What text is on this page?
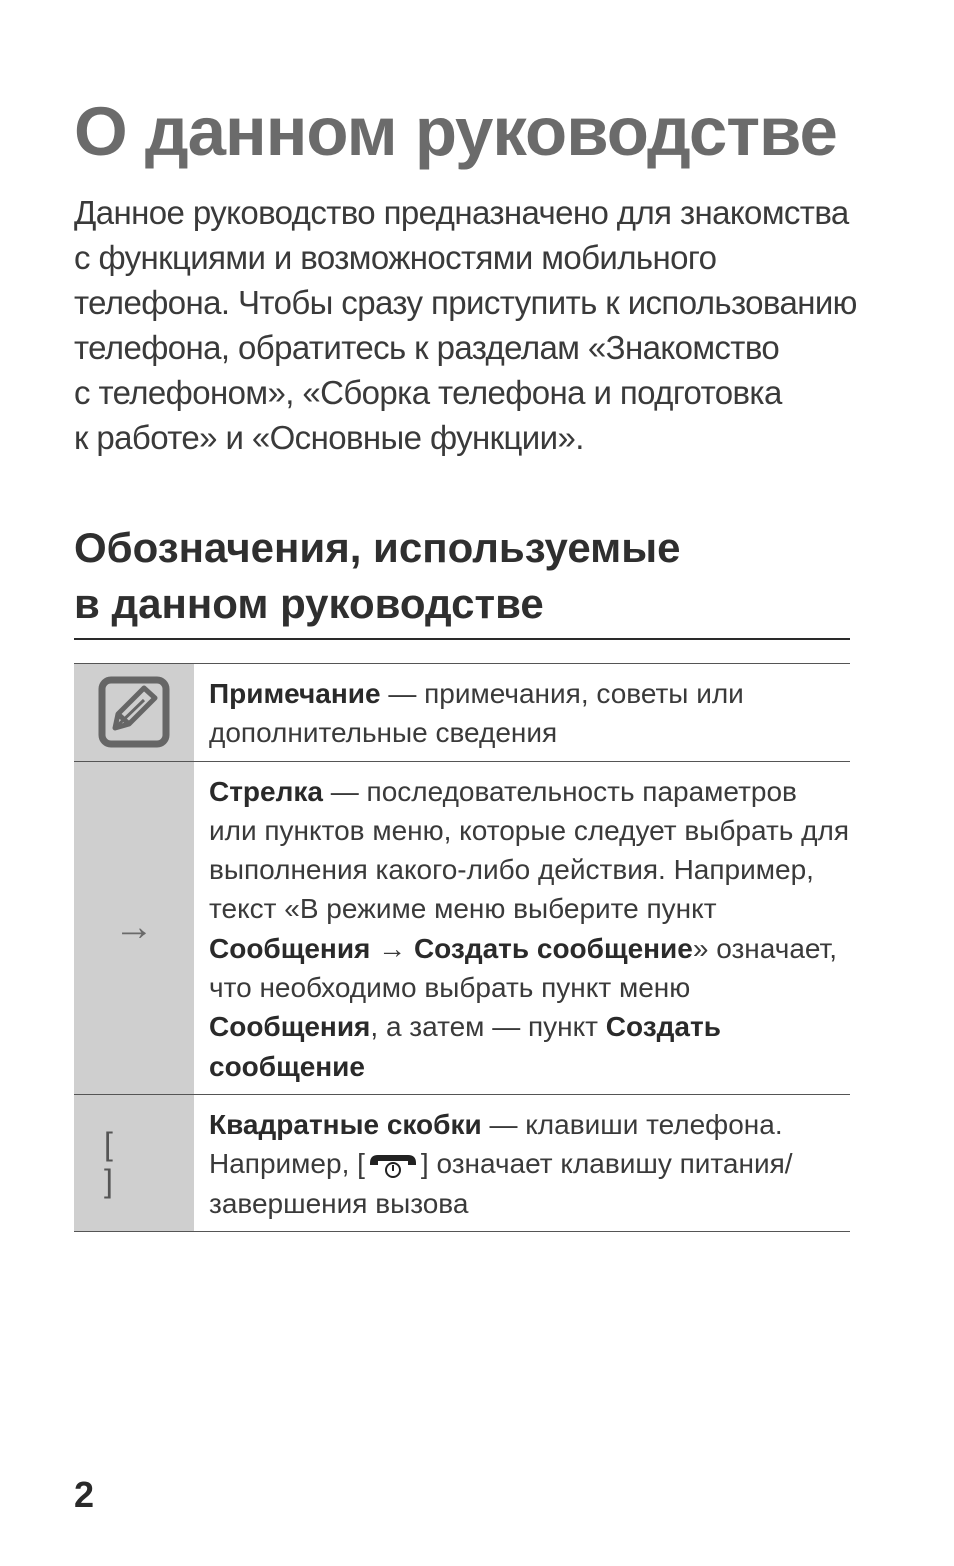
О данном руководстве
Данное руководство предназначено для знакомства
с функциями и возможностями мобильного
телефона. Чтобы сразу приступить к использованию
телефона, обратитесь к разделам «Знакомство
с телефоном», «Сборка телефона и подготовка
к работе» и «Основные функции».
Обозначения, используемые
в данном руководстве
Примечание — примечания, советы или дополнительные сведения
→
Стрелка — последовательность параметров или пунктов меню, которые следует выбрать для выполнения какого-либо действия. Например, текст «В режиме меню выберите пункт Сообщения → Создать сообщение» означает, что необходимо выбрать пункт меню Сообщения, а затем — пункт Создать сообщение
[ ]
Квадратные скобки — клавиши телефона.
Например, [ ] означает клавишу питания/ завершения вызова
2
